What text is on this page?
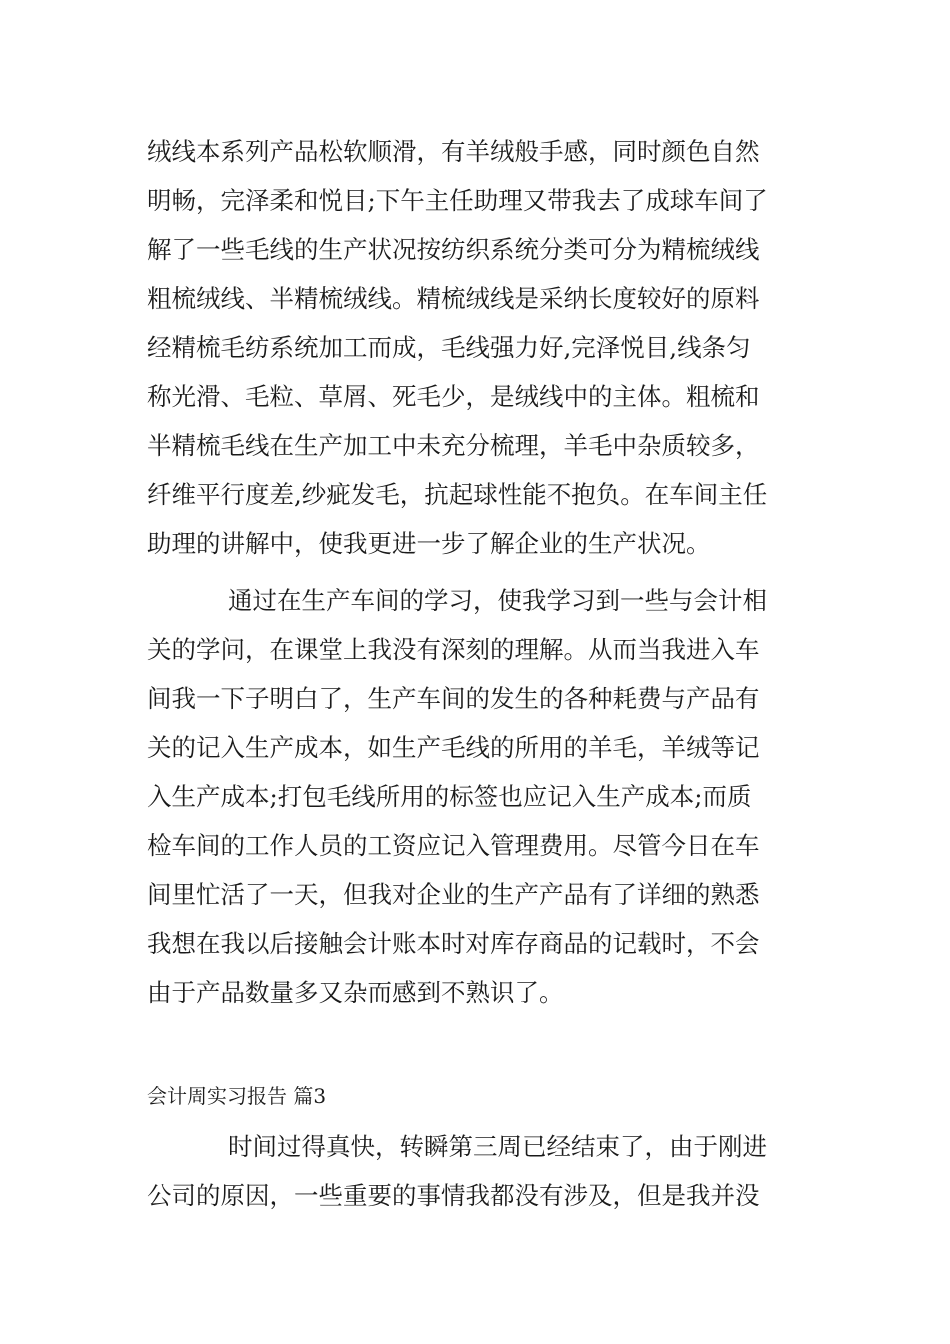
绒线本系列产品松软顺滑，有羊绒般手感，同时颜色自然
明畅，完泽柔和悦目;下午主任助理又带我去了成球车间了
解了一些毛线的生产状况按纺织系统分类可分为精梳绒线
粗梳绒线、半精梳绒线。精梳绒线是采纳长度较好的原料
经精梳毛纺系统加工而成，毛线强力好,完泽悦目,线条匀
称光滑、毛粒、草屑、死毛少，是绒线中的主体。粗梳和
半精梳毛线在生产加工中未充分梳理，羊毛中杂质较多，
纤维平行度差,纱疵发毛，抗起球性能不抱负。在车间主任
助理的讲解中，使我更进一步了解企业的生产状况。
通过在生产车间的学习，使我学习到一些与会计相
关的学问，在课堂上我没有深刻的理解。从而当我进入车
间我一下子明白了，生产车间的发生的各种耗费与产品有
关的记入生产成本，如生产毛线的所用的羊毛，羊绒等记
入生产成本;打包毛线所用的标签也应记入生产成本;而质
检车间的工作人员的工资应记入管理费用。尽管今日在车
间里忙活了一天，但我对企业的生产产品有了详细的熟悉
我想在我以后接触会计账本时对库存商品的记载时，不会
由于产品数量多又杂而感到不熟识了。
会计周实习报告 篇3
时间过得真快，转瞬第三周已经结束了，由于刚进
公司的原因，一些重要的事情我都没有涉及，但是我并没
